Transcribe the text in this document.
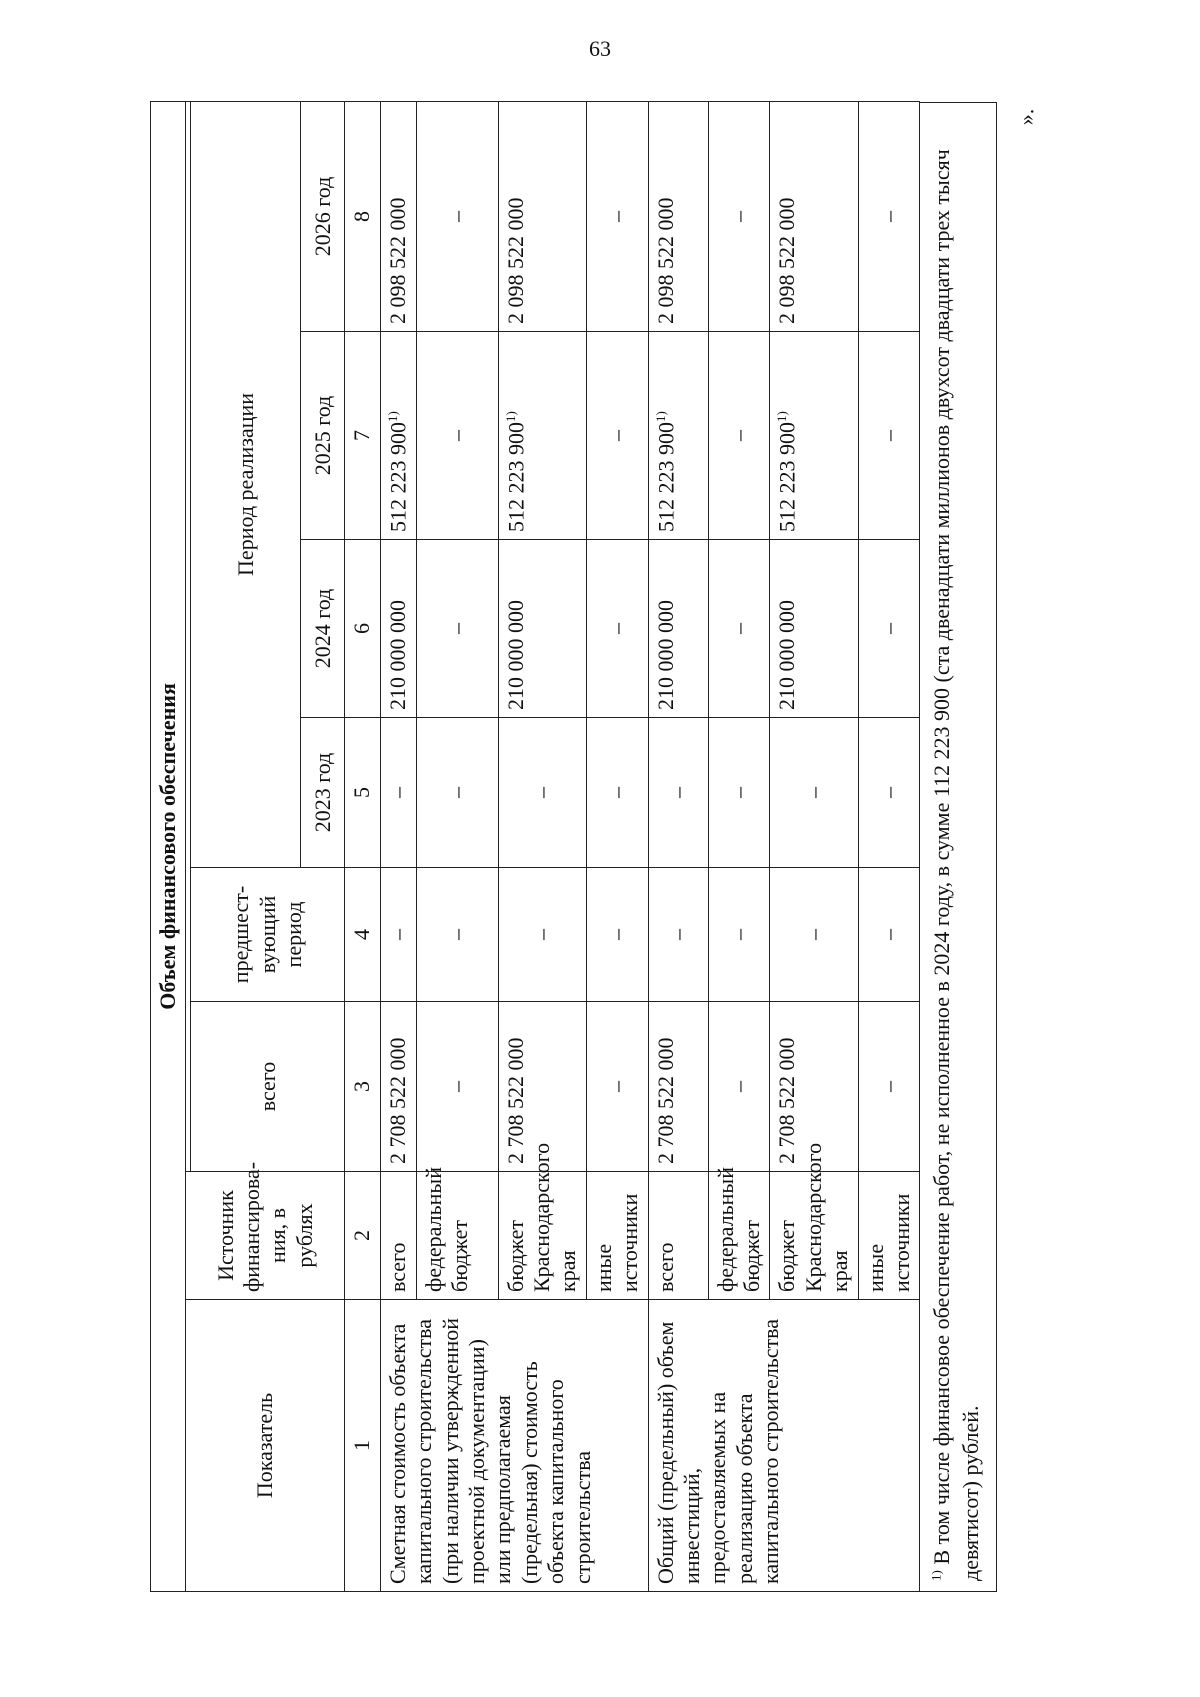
63
».
Объем финансового обеспечения							
Показатель	Источник финансирова-ния, в рублях						
		всего	предшест-вующий период	Период реализации			
				2023 год	2024 год	2025 год	2026 год
1	2	3	4	5	6	7	8
Сметная стоимость объекта капитального строительства (при наличии утвержденной проектной документации) или предполагаемая (предельная) стоимость объекта капитального строительства	всего	2 708 522 000	–	–	210 000 000	512 223 900$^{1)}$	2 098 522 000
	федеральный бюджет	–	–	–	–	–	–
	бюджет Краснодарского края	2 708 522 000	–	–	210 000 000	512 223 900$^{1)}$	2 098 522 000
	иные источники	–	–	–	–	–	–
Общий (предельный) объем инвестиций, предоставляемых на реализацию объекта капитального строительства	всего	2 708 522 000	–	–	210 000 000	512 223 900$^{1)}$	2 098 522 000
	федеральный бюджет	–	–	–	–	–	–
	бюджет Краснодарского края	2 708 522 000	–	–	210 000 000	512 223 900$^{1)}$	2 098 522 000
	иные источники	–	–	–	–	–	–
$^{1)}$ В том числе финансовое обеспечение работ, не исполненное в 2024 году, в сумме 112 223 900 (ста двенадцати миллионов двухсот двадцати трех тысяч девятисот) рублей.
